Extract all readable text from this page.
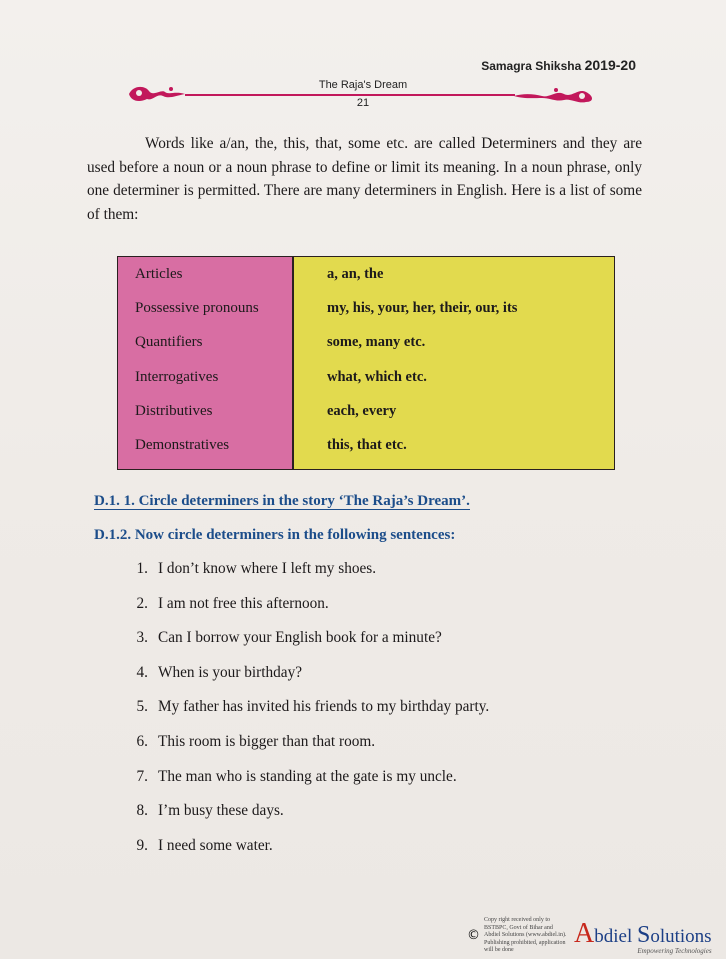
Samagra Shiksha 2019-20
The Raja's Dream
21
Words like a/an, the, this, that, some etc. are called Determiners and they are used before a noun or a noun phrase to define or limit its meaning. In a noun phrase, only one determiner is permitted. There are many determiners in English. Here is a list of some of them:
Articles
Possessive pronouns
Quantifiers
Interrogatives
Distributives
Demonstratives
a, an, the
my, his, your, her, their, our, its
some, many etc.
what, which etc.
each, every
this, that etc.
D.1. 1. Circle determiners in the story ‘The Raja’s Dream’.
D.1.2. Now circle determiners in the following sentences:
1. I don’t know where I left my shoes.
2. I am not free this afternoon.
3. Can I borrow your English book for a minute?
4. When is your birthday?
5. My father has invited his friends to my birthday party.
6. This room is bigger than that room.
7. The man who is standing at the gate is my uncle.
8. I’m busy these days.
9. I need some water.
©
Copy right received only to BSTBPC, Govt of Bihar and Abdiel Solutions (www.abdiel.in). Publishing prohibited, application will be done
A bdiel
S olutions
Empowering Technologies
